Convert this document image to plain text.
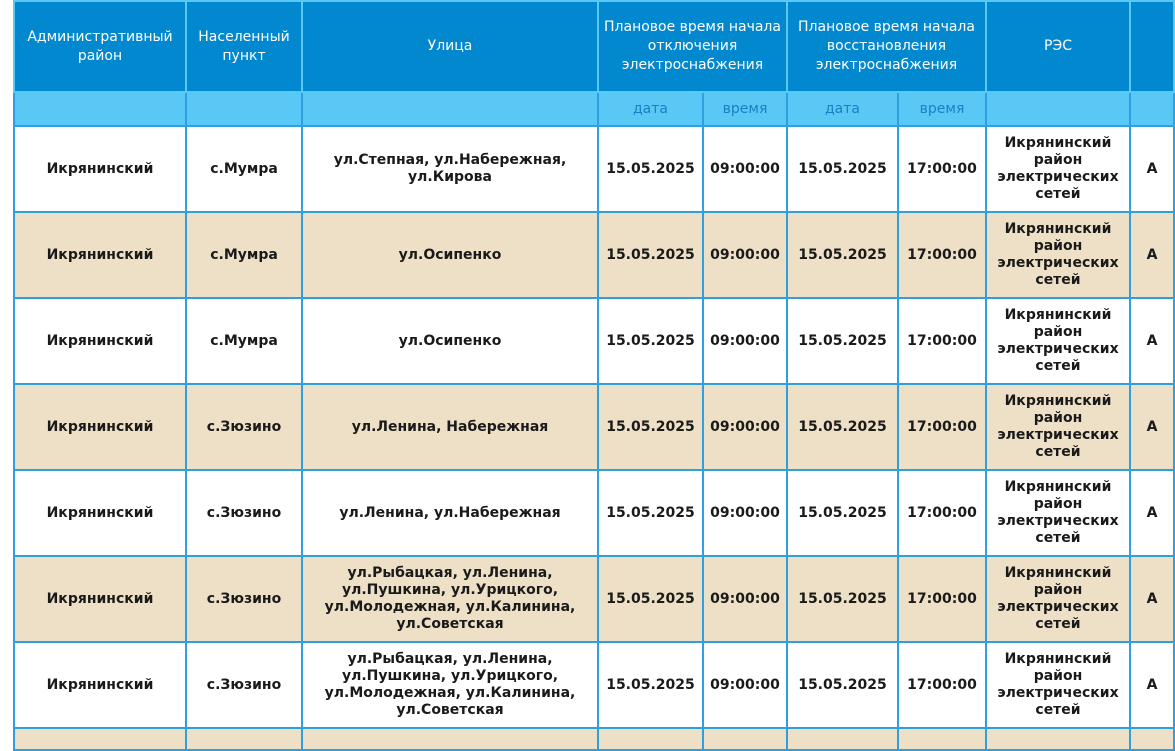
Административный район	Населенный пункт	Улица	Плановое время начала отключения электроснабжения		Плановое время начала восстановления электроснабжения		РЭС	
			дата	время	дата	время		
Икрянинский	с.Мумра	ул.Степная, ул.Набережная, ул.Кирова	15.05.2025	09:00:00	15.05.2025	17:00:00	Икрянинский район электрических сетей	А
Икрянинский	с.Мумра	ул.Осипенко	15.05.2025	09:00:00	15.05.2025	17:00:00	Икрянинский район электрических сетей	А
Икрянинский	с.Мумра	ул.Осипенко	15.05.2025	09:00:00	15.05.2025	17:00:00	Икрянинский район электрических сетей	А
Икрянинский	с.Зюзино	ул.Ленина, Набережная	15.05.2025	09:00:00	15.05.2025	17:00:00	Икрянинский район электрических сетей	А
Икрянинский	с.Зюзино	ул.Ленина, ул.Набережная	15.05.2025	09:00:00	15.05.2025	17:00:00	Икрянинский район электрических сетей	А
Икрянинский	с.Зюзино	ул.Рыбацкая, ул.Ленина, ул.Пушкина, ул.Урицкого, ул.Молодежная, ул.Калинина, ул.Советская	15.05.2025	09:00:00	15.05.2025	17:00:00	Икрянинский район электрических сетей	А
Икрянинский	с.Зюзино	ул.Рыбацкая, ул.Ленина, ул.Пушкина, ул.Урицкого, ул.Молодежная, ул.Калинина, ул.Советская	15.05.2025	09:00:00	15.05.2025	17:00:00	Икрянинский район электрических сетей	А
